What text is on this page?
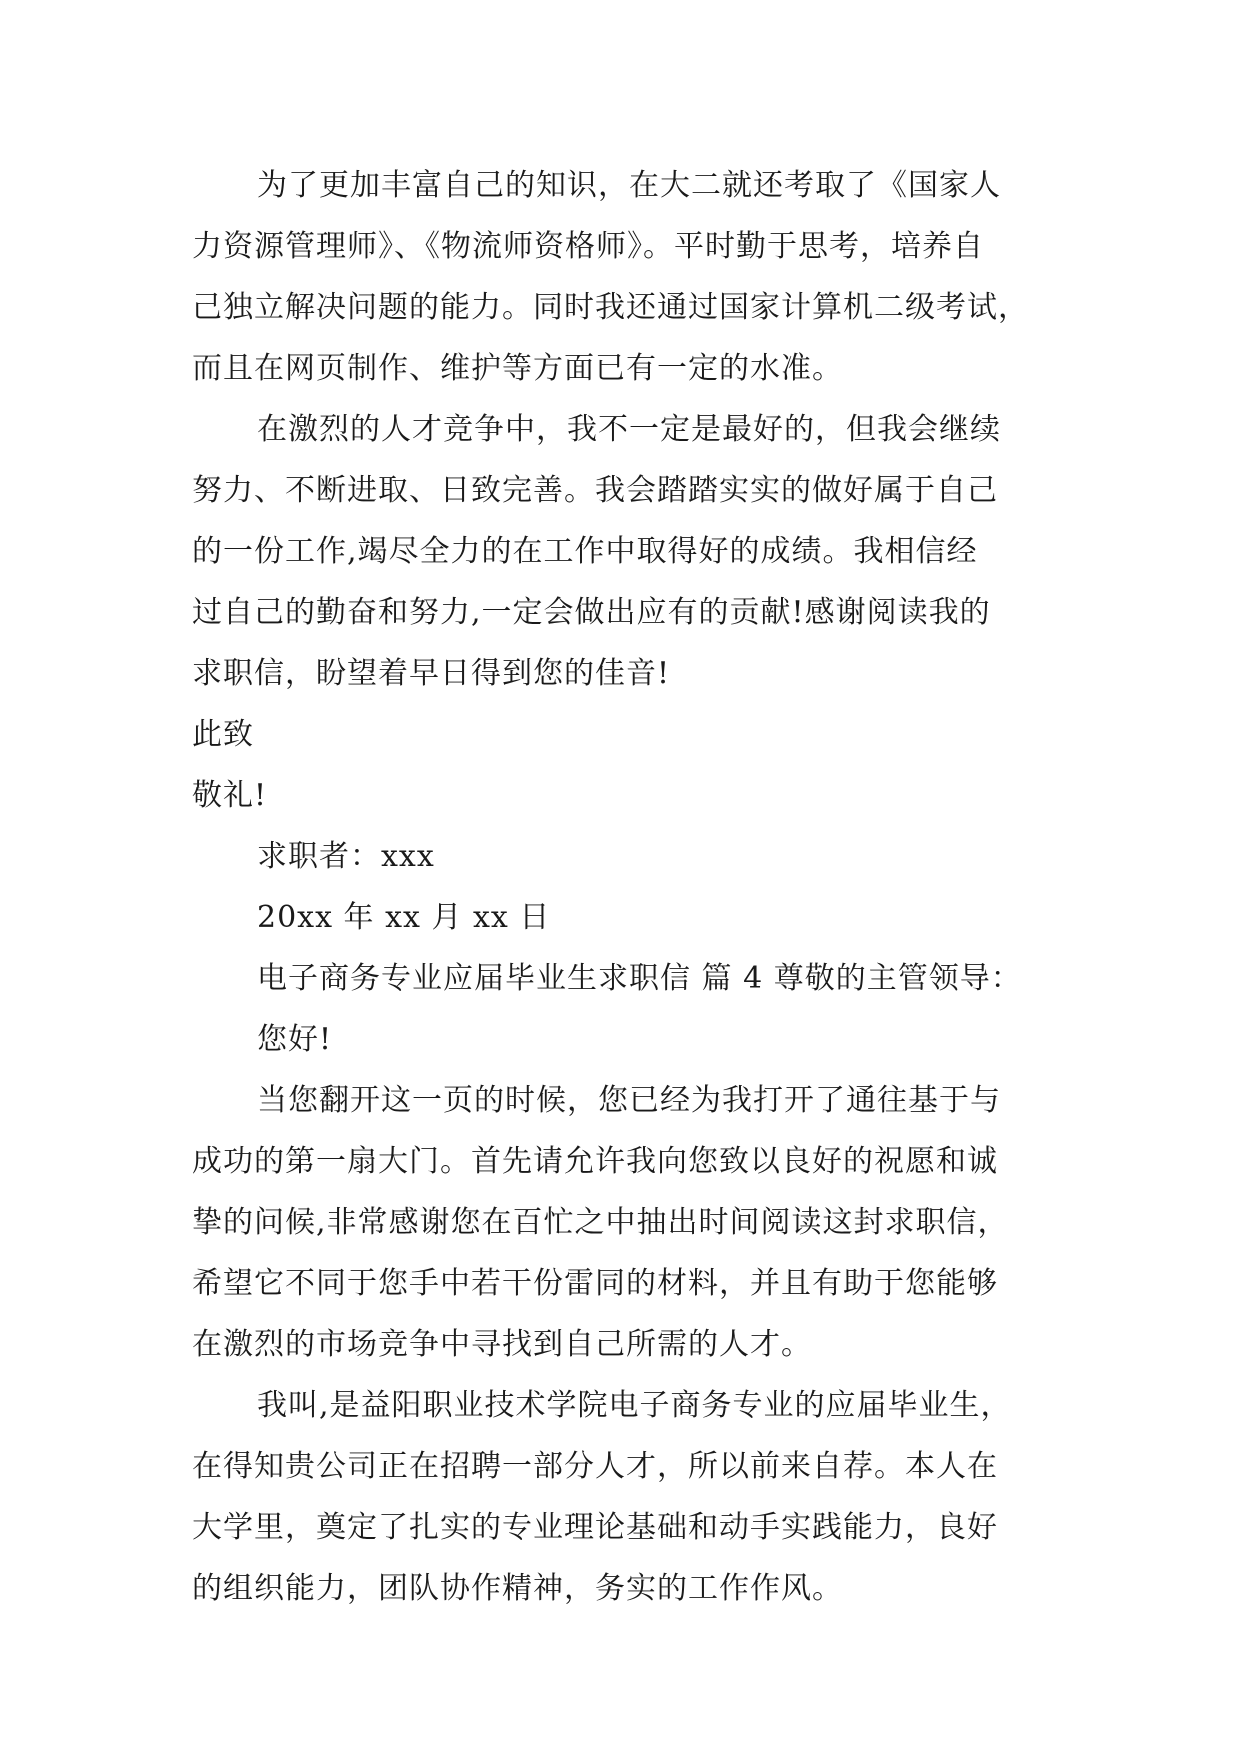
为了更加丰富自己的知识，在大二就还考取了《国家人
力资源管理师》、《物流师资格师》。平时勤于思考，培养自
己独立解决问题的能力。同时我还通过国家计算机二级考试，
而且在网页制作、维护等方面已有一定的水准。
在激烈的人才竞争中，我不一定是最好的，但我会继续
努力、不断进取、日致完善。我会踏踏实实的做好属于自己
的一份工作,竭尽全力的在工作中取得好的成绩。我相信经
过自己的勤奋和努力,一定会做出应有的贡献!感谢阅读我的
求职信，盼望着早日得到您的佳音!
此致
敬礼!
求职者：xxx
20xx 年 xx 月 xx 日
电子商务专业应届毕业生求职信 篇 4 尊敬的主管领导：
您好!
当您翻开这一页的时候，您已经为我打开了通往基于与
成功的第一扇大门。首先请允许我向您致以良好的祝愿和诚
挚的问候,非常感谢您在百忙之中抽出时间阅读这封求职信，
希望它不同于您手中若干份雷同的材料，并且有助于您能够
在激烈的市场竞争中寻找到自己所需的人才。
我叫,是益阳职业技术学院电子商务专业的应届毕业生，
在得知贵公司正在招聘一部分人才，所以前来自荐。本人在
大学里，奠定了扎实的专业理论基础和动手实践能力，良好
的组织能力，团队协作精神，务实的工作作风。
